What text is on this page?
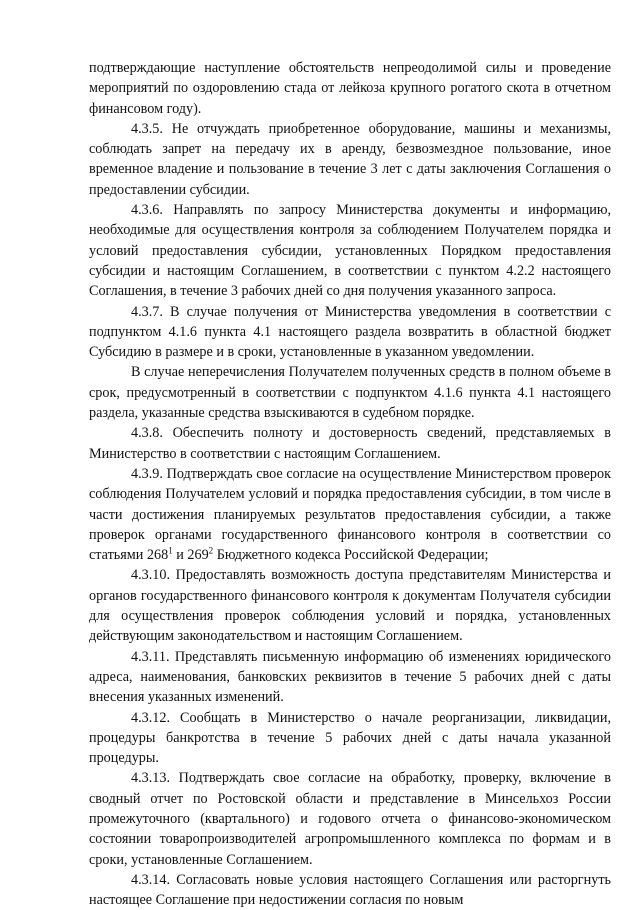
подтверждающие наступление обстоятельств непреодолимой силы и проведение мероприятий по оздоровлению стада от лейкоза крупного рогатого скота в отчетном финансовом году).

4.3.5. Не отчуждать приобретенное оборудование, машины и механизмы, соблюдать запрет на передачу их в аренду, безвозмездное пользование, иное временное владение и пользование в течение 3 лет с даты заключения Соглашения о предоставлении субсидии.

4.3.6. Направлять по запросу Министерства документы и информацию, необходимые для осуществления контроля за соблюдением Получателем порядка и условий предоставления субсидии, установленных Порядком предоставления субсидии и настоящим Соглашением, в соответствии с пунктом 4.2.2 настоящего Соглашения, в течение 3 рабочих дней со дня получения указанного запроса.

4.3.7. В случае получения от Министерства уведомления в соответствии с подпунктом 4.1.6 пункта 4.1 настоящего раздела возвратить в областной бюджет Субсидию в размере и в сроки, установленные в указанном уведомлении.

В случае неперечисления Получателем полученных средств в полном объеме в срок, предусмотренный в соответствии с подпунктом 4.1.6 пункта 4.1 настоящего раздела, указанные средства взыскиваются в судебном порядке.

4.3.8. Обеспечить полноту и достоверность сведений, представляемых в Министерство в соответствии с настоящим Соглашением.

4.3.9. Подтверждать свое согласие на осуществление Министерством проверок соблюдения Получателем условий и порядка предоставления субсидии, в том числе в части достижения планируемых результатов предоставления субсидии, а также проверок органами государственного финансового контроля в соответствии со статьями $268^1$ и $269^2$ Бюджетного кодекса Российской Федерации;

4.3.10. Предоставлять возможность доступа представителям Министерства и органов государственного финансового контроля к документам Получателя субсидии для осуществления проверок соблюдения условий и порядка, установленных действующим законодательством и настоящим Соглашением.

4.3.11. Представлять письменную информацию об изменениях юридического адреса, наименования, банковских реквизитов в течение 5 рабочих дней с даты внесения указанных изменений.

4.3.12. Сообщать в Министерство о начале реорганизации, ликвидации, процедуры банкротства в течение 5 рабочих дней с даты начала указанной процедуры.

4.3.13. Подтверждать свое согласие на обработку, проверку, включение в сводный отчет по Ростовской области и представление в Минсельхоз России промежуточного (квартального) и годового отчета о финансово-экономическом состоянии товаропроизводителей агропромышленного комплекса по формам и в сроки, установленные Соглашением.

4.3.14. Согласовать новые условия настоящего Соглашения или расторгнуть настоящее Соглашение при недостижении согласия по новым
